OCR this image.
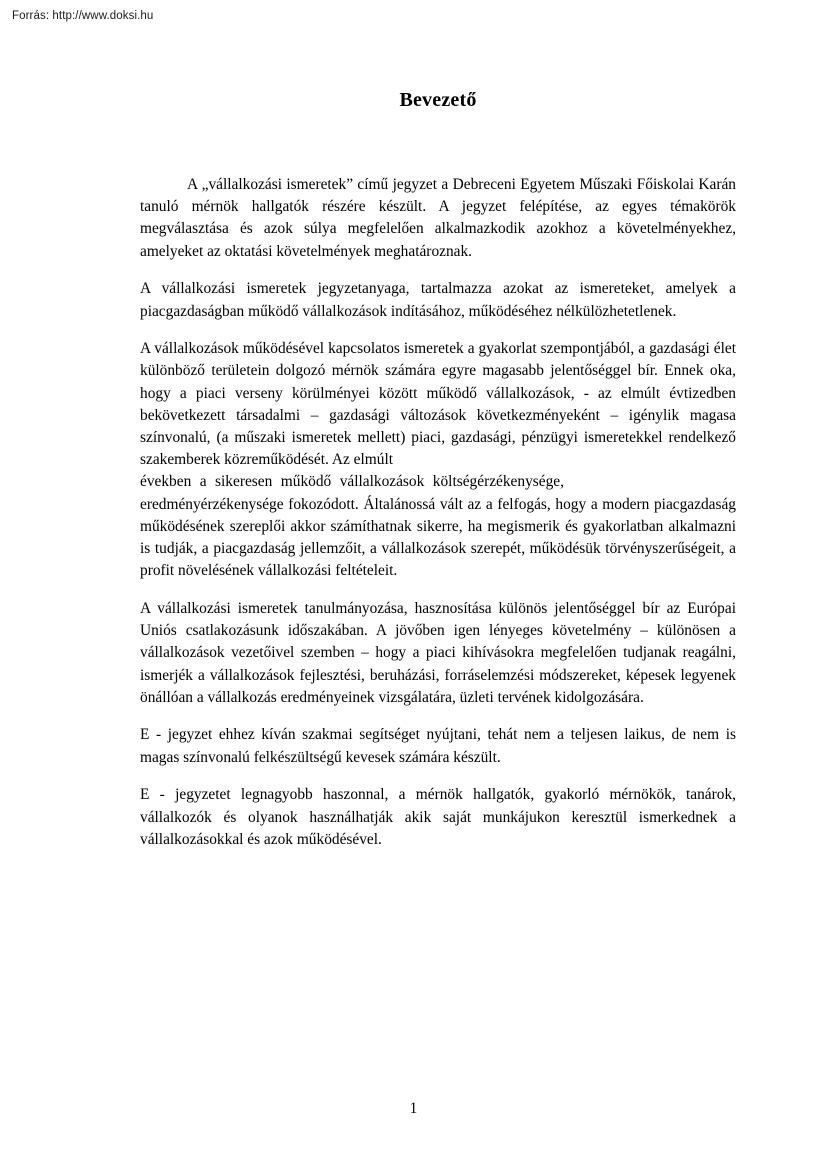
Forrás: http://www.doksi.hu
Bevezető

A „vállalkozási ismeretek” című jegyzet a Debreceni Egyetem Műszaki Főiskolai Karán tanuló mérnök hallgatók részére készült. A jegyzet felépítése, az egyes témakörök megválasztása és azok súlya megfelelően alkalmazkodik azokhoz a követelményekhez, amelyeket az oktatási követelmények meghatároznak.

A vállalkozási ismeretek jegyzetanyaga, tartalmazza azokat az ismereteket, amelyek a piacgazdaságban működő vállalkozások indításához, működéséhez nélkülözhetetlenek.

A vállalkozások működésével kapcsolatos ismeretek a gyakorlat szempontjából, a gazdasági élet különböző területein dolgozó mérnök számára egyre magasabb jelentőséggel bír. Ennek oka, hogy a piaci verseny körülményei között működő vállalkozások, - az elmúlt évtizedben bekövetkezett társadalmi – gazdasági változások következményeként – igénylik magasa színvonalú, (a műszaki ismeretek mellett) piaci, gazdasági, pénzügyi ismeretekkel rendelkező szakemberek közreműködését. Az elmúlt

években a sikeresen működő vállalkozások költségérzékenysége,

eredményérzékenysége fokozódott. Általánossá vált az a felfogás, hogy a modern piacgazdaság működésének szereplői akkor számíthatnak sikerre, ha megismerik és gyakorlatban alkalmazni is tudják, a piacgazdaság jellemzőit, a vállalkozások szerepét, működésük törvényszerűségeit, a profit növelésének vállalkozási feltételeit.

A vállalkozási ismeretek tanulmányozása, hasznosítása különös jelentőséggel bír az Európai Uniós csatlakozásunk időszakában. A jövőben igen lényeges követelmény – különösen a vállalkozások vezetőivel szemben – hogy a piaci kihívásokra megfelelően tudjanak reagálni, ismerjék a vállalkozások fejlesztési, beruházási, forráselemzési módszereket, képesek legyenek önállóan a vállalkozás eredményeinek vizsgálatára, üzleti tervének kidolgozására.

E - jegyzet ehhez kíván szakmai segítséget nyújtani, tehát nem a teljesen laikus, de nem is magas színvonalú felkészültségű kevesek számára készült.

E - jegyzetet legnagyobb haszonnal, a mérnök hallgatók, gyakorló mérnökök, tanárok, vállalkozók és olyanok használhatják akik saját munkájukon keresztül ismerkednek a vállalkozásokkal és azok működésével.

1
